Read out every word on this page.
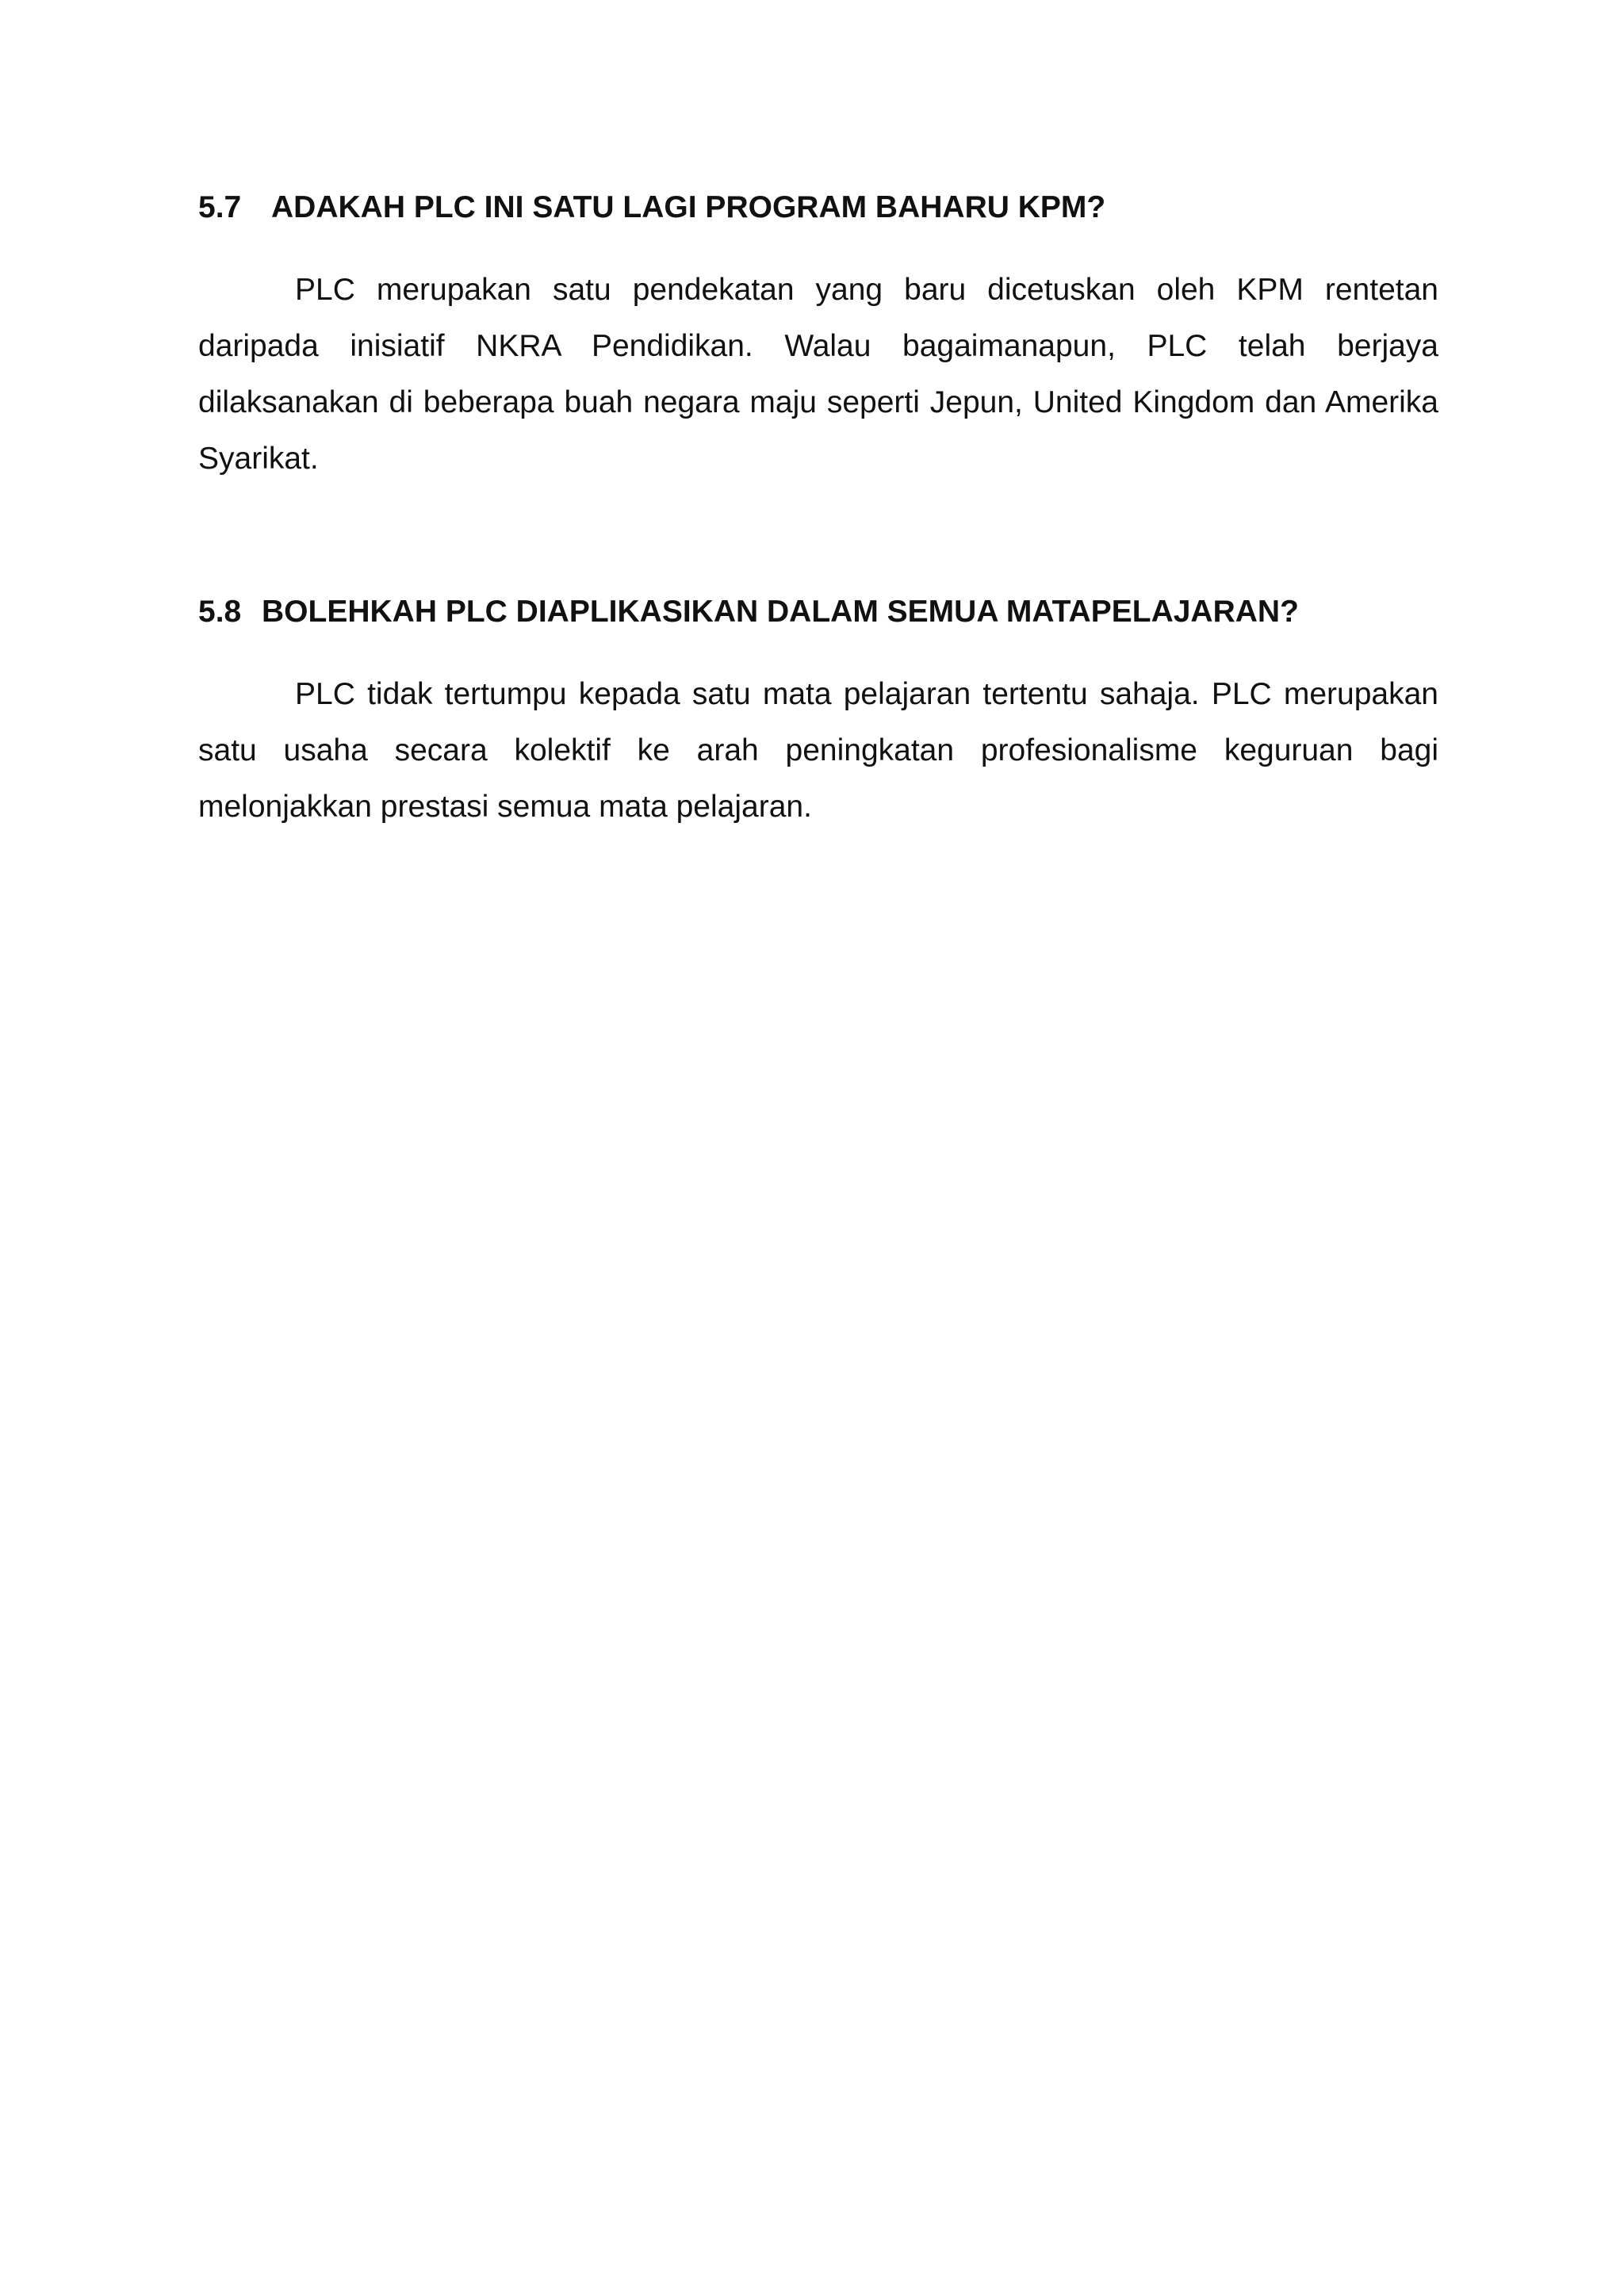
5.7 ADAKAH PLC INI SATU LAGI PROGRAM BAHARU KPM?

PLC merupakan satu pendekatan yang baru dicetuskan oleh KPM rentetan daripada inisiatif NKRA Pendidikan. Walau bagaimanapun, PLC telah berjaya dilaksanakan di beberapa buah negara maju seperti Jepun, United Kingdom dan Amerika Syarikat.

5.8 BOLEHKAH PLC DIAPLIKASIKAN DALAM SEMUA MATAPELAJARAN?

PLC tidak tertumpu kepada satu mata pelajaran tertentu sahaja. PLC merupakan satu usaha secara kolektif ke arah peningkatan profesionalisme keguruan bagi melonjakkan prestasi semua mata pelajaran.
